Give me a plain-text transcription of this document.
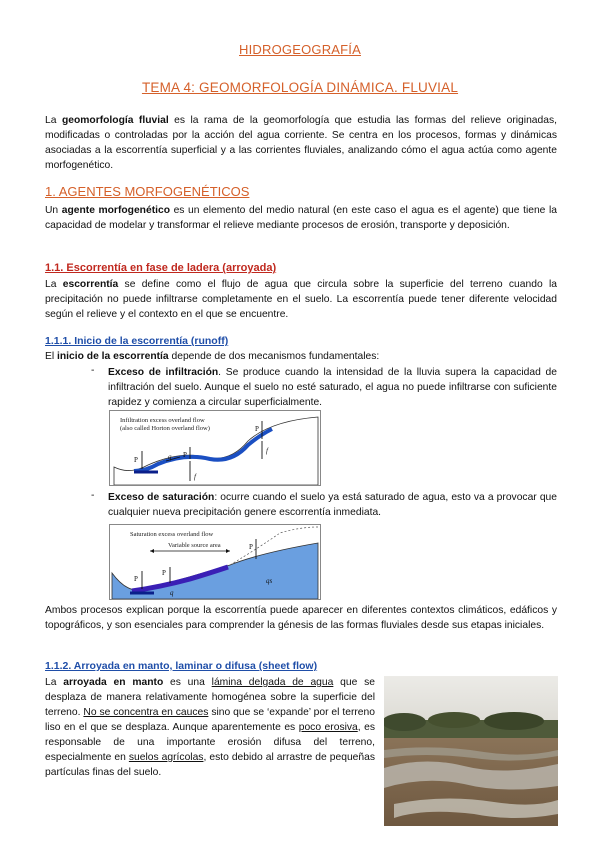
HIDROGEOGRAFÍA
TEMA 4: GEOMORFOLOGÍA DINÁMICA. FLUVIAL
La geomorfología fluvial es la rama de la geomorfología que estudia las formas del relieve originadas, modificadas o controladas por la acción del agua corriente. Se centra en los procesos, formas y dinámicas asociadas a la escorrentía superficial y a las corrientes fluviales, analizando cómo el agua actúa como agente morfogenético.
1. AGENTES MORFOGENÉTICOS
Un agente morfogenético es un elemento del medio natural (en este caso el agua es el agente) que tiene la capacidad de modelar y transformar el relieve mediante procesos de erosión, transporte y deposición.
1.1. Escorrentía en fase de ladera (arroyada)
La escorrentía se define como el flujo de agua que circula sobre la superficie del terreno cuando la precipitación no puede infiltrarse completamente en el suelo. La escorrentía puede tener diferente velocidad según el relieve y el contexto en el que se encuentre.
1.1.1. Inicio de la escorrentía (runoff)
El inicio de la escorrentía depende de dos mecanismos fundamentales:
- Exceso de infiltración. Se produce cuando la intensidad de la lluvia supera la capacidad de infiltración del suelo. Aunque el suelo no esté saturado, el agua no puede infiltrarse con suficiente rapidez y comienza a circular superficialmente.
Infiltration excess overland flow
(also called Horton overland flow)
P
P
P
q
f
f
- Exceso de saturación: ocurre cuando el suelo ya está saturado de agua, esto va a provocar que cualquier nueva precipitación genere escorrentía inmediata.
Saturation excess overland flow
Variable source area
P
P
P
q
qs
Ambos procesos explican porque la escorrentía puede aparecer en diferentes contextos climáticos, edáficos y topográficos, y son esenciales para comprender la génesis de las formas fluviales desde sus etapas iniciales.
1.1.2. Arroyada en manto, laminar o difusa (sheet flow)
La arroyada en manto es una lámina delgada de agua que se desplaza de manera relativamente homogénea sobre la superficie del terreno. No se concentra en cauces sino que se ‘expande’ por el terreno liso en el que se desplaza. Aunque aparentemente es poco erosiva, es responsable de una importante erosión difusa del terreno, especialmente en suelos agrícolas, esto debido al arrastre de pequeñas partículas finas del suelo.
